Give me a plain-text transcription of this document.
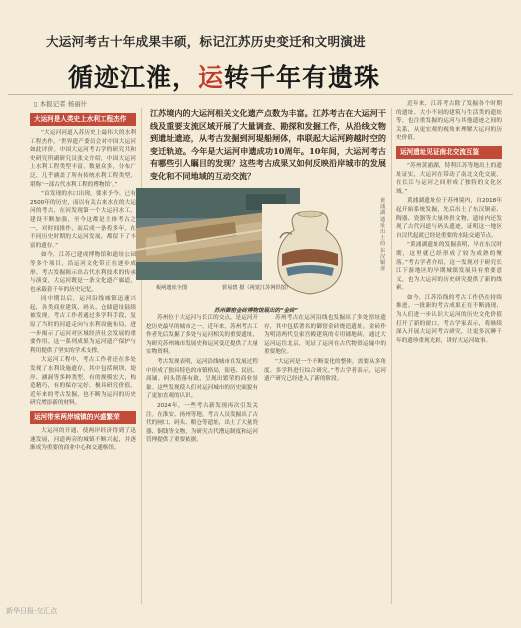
大运河考古十年成果丰硕，标记江苏历史变迁和文明演进
循迹江淮，运转千年有遗珠
▯ 本报记者 杨丽什
大运河是人类史上水利工程杰作

“大运河河道入苏历史上最伟大的水利工程杰作，‘世界遗产委员会对中国大运河如此评价。中国大运河考古学的研究共和史研究所副研究员张文介绍，中国大运河上水利工程类型丰富，数量众多，分布广泛，几乎涵盖了所有传统水利工程类型，堪称‘一部古代水利工程的博物馆’。”

“首发现的水口出现，要求予今、已有2500年的历史，而以有关古来水在的大运河的考古，在河发现第一个大运河水工，建设不断加强，至今这都是主体考古之一，对时间推作，而后成一条将多年，在不同历史时期的大运河发展，都留下了丰富的遗存。”

如今，江苏已建成博物馆和遗址公园等多个项目，沿运河文化带正在逐步成形。考古发掘揭示出古代水利技术的传承与演变，大运河既是一条文化遗产廊道，也承载着千年的历史记忆。

同中期以后，运河沿线城镇迅速兴起，各类商业建筑、码头、仓储遗址陆续被发现。考古工作者通过多学科手段，复原了当时的河道走向与水利设施布局，进一步揭示了运河对区域经济社会发展的重要作用。这一系列成果为运河遗产保护与利用提供了坚实的学术支撑。

大运河工程中，考古工作者还在多处发现了水利设施遗存，其中包括闸坝、堤岸、涵洞等多种类型，有的规模宏大，构造精巧，有的保存完好，极具研究价值。近年来的考古发掘，也不断为运河的历史研究增添新的材料。

运河带来两岸城镇的兴盛繁荣

大运河的开通，使两岸经济得到了迅速发展，河道两旁的城镇不断兴起，并逐渐成为重要的商业中心和交通枢纽。

江苏境内的大运河相关文化遗产点数为丰富。江苏考古在大运河干线及重要支流区域开展了大量调查、勘探和发掘工作，从沿线文物到遗址遗迹，从考古发掘到河堤船闸体，串联起大运河跨越时空的变迁轨迹。今年是大运河申遗成功10周年。10年间，大运河考古有哪些引人瞩目的发现？这些考古成果又如何反映沿岸城市的发展变化和不同地域的互动交流？
板闸遗址全图	貿易碧 摄（视觉江苏网供图）
黄浦湖遗址出土的东汉铜壶
苏州御窑金砖博物馆展出的“金砖”

苏州位于大运河与长江的交点，是运河开挖历史最早的城市之一。近年来，苏州考古工作者先后发掘了多处与运河相关的重要遗址，为研究苏州城市发展史和运河变迁提供了大量实物资料。

考古发现表明，运河沿线城市在发展过程中形成了独具特色的市镇格局，街巷、民居、商铺、码头错落有致，呈现出繁荣的商业景象。这些发现使人们对运河城市的历史面貌有了更加直观的认识。

2024年，一些考古新发现再次引发关注。在淮安、扬州等地，考古人员发掘出了古代的闸口、码头、粮仓等遗址，出土了大量瓷器、铜钱等文物，为研究古代漕运制度和运河管理提供了重要依据。

苏州考古在运河沿线也发掘出了多处窑址遗存，其中包括著名的御窑金砖烧造遗址。金砖作为明清两代皇家宫殿建筑的专用铺地砖，通过大运河运往北京，见证了运河在古代物资运输中的重要地位。

“大运河是一个不断变化的整体，需要从多角度、多学科进行综合研究。”考古学者表示，运河遗产研究已经进入了新的阶段。

近年来，江苏考古除了发掘各个时期的遗址、大小不同的建筑与生活类的遗址等，也注重发掘的运河与其他遗迹之间的关系，从更宏观的视角来理解大运河的历史价值。

运河遗址见证南北交流互鉴

“苏州黄浦湖，特利江苏等地出土的遗址证实，大运河在带动了南北文化交流，在长江与运河之间形成了独特的文化区域。”

黄浦湖遗址位于苏州境内，自2018年起开始系统发掘，先后出土了东汉铜壶、陶器、瓷器等大量珍贵文物，遗址内还发现了古代河道与码头遗迹，证明这一地区自汉代起就已经是重要的水陆交通节点。

“黄浦湖遗址的发掘表明，早在东汉时期，这里就已经形成了较为成熟的聚落。”考古学者介绍，这一发现对于研究长江下游地区的早期城镇发展具有重要意义，也为大运河的历史研究提供了新的线索。

如今，江苏沿线的考古工作仍在持续推进。一批新的考古成果正在不断涌现，为人们进一步认识大运河的历史文化价值打开了新的窗口。考古学家表示，将继续深入开展大运河考古研究，让更多沉睡千年的遗珍重现光彩，讲好大运河故事。

新华日报·交汇点
